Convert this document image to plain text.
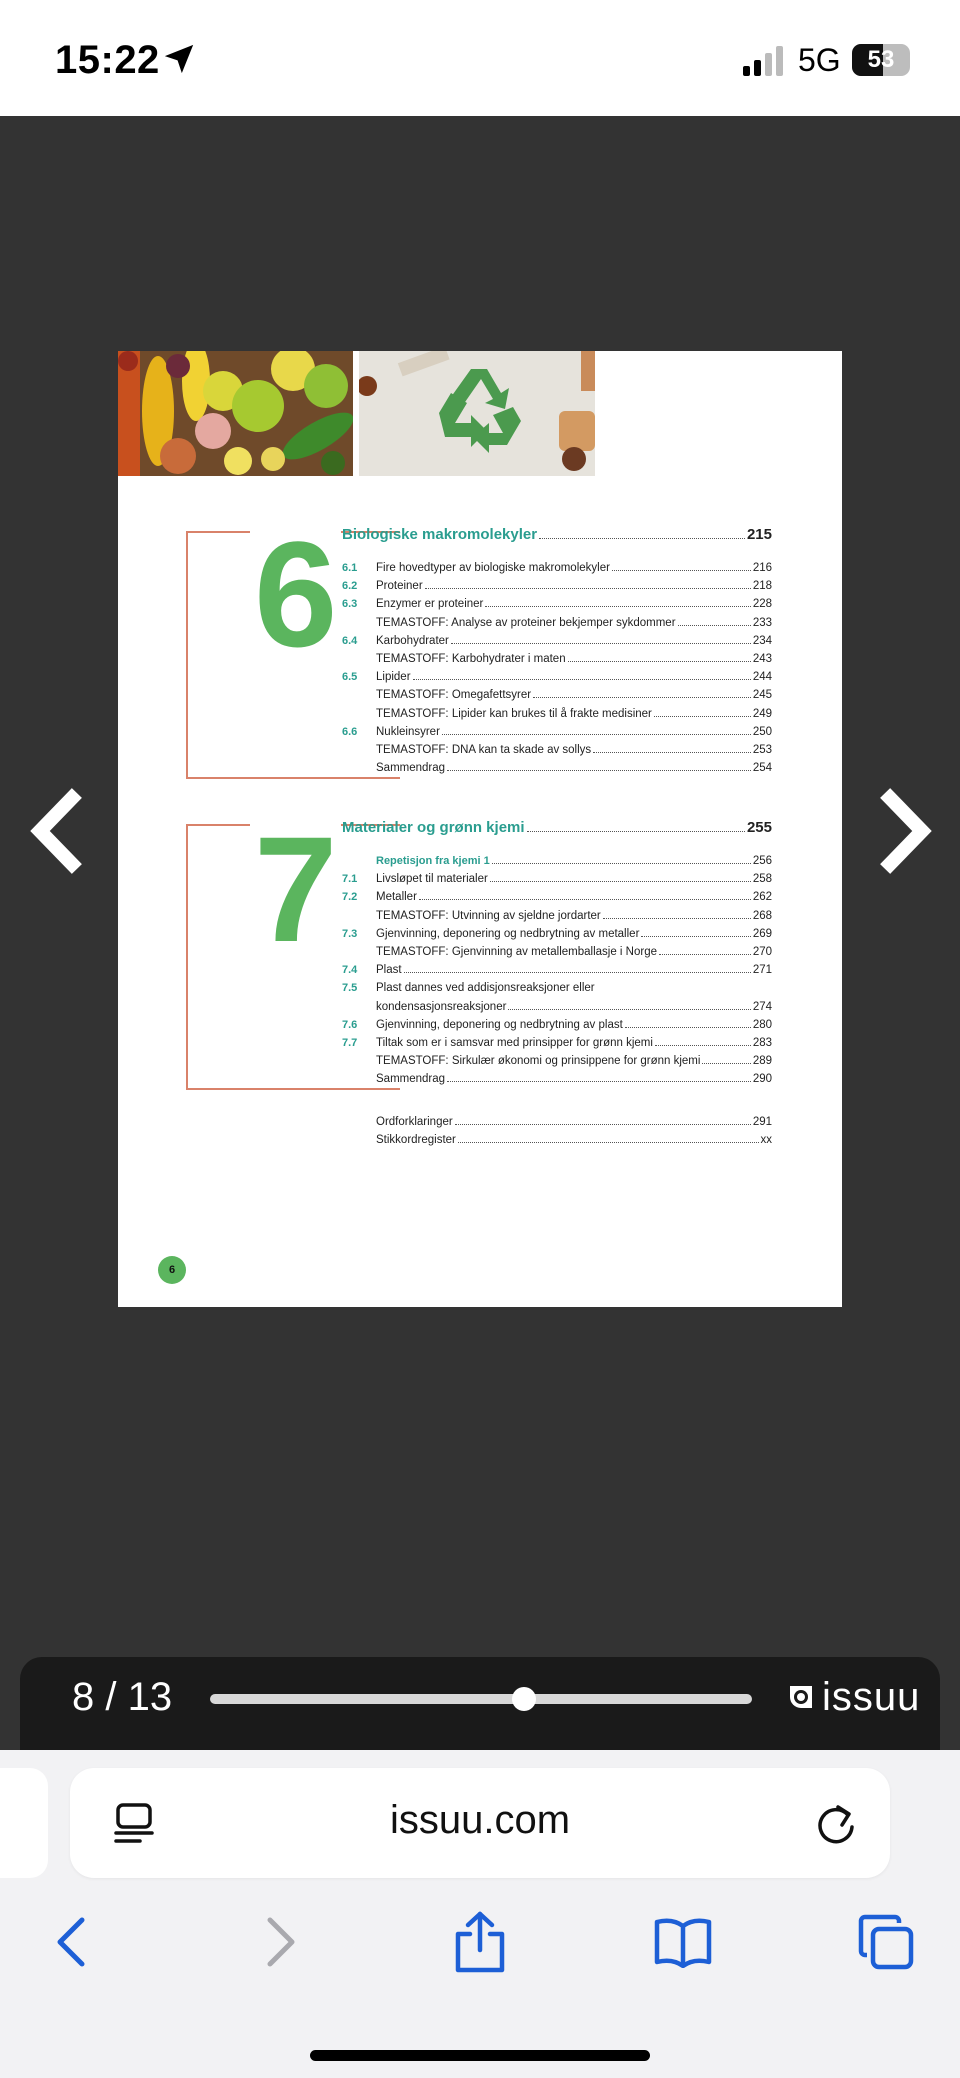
15:22	5G	53
6
7
Biologiske makromolekyler	215
6.1 Fire hovedtyper av biologiske makromolekyler	216
6.2 Proteiner	218
6.3 Enzymer er proteiner	228
TEMASTOFF: Analyse av proteiner bekjemper sykdommer	233
6.4 Karbohydrater	234
TEMASTOFF: Karbohydrater i maten	243
6.5 Lipider	244
TEMASTOFF: Omegafettsyrer	245
TEMASTOFF: Lipider kan brukes til å frakte medisiner	249
6.6 Nukleinsyrer	250
TEMASTOFF: DNA kan ta skade av sollys	253
Sammendrag	254
Materialer og grønn kjemi	255
Repetisjon fra kjemi 1	256
7.1 Livsløpet til materialer	258
7.2 Metaller	262
TEMASTOFF: Utvinning av sjeldne jordarter	268
7.3 Gjenvinning, deponering og nedbrytning av metaller	269
TEMASTOFF: Gjenvinning av metallemballasje i Norge	270
7.4 Plast	271
7.5 Plast dannes ved addisjonsreaksjoner eller
kondensasjonsreaksjoner	274
7.6 Gjenvinning, deponering og nedbrytning av plast	280
7.7 Tiltak som er i samsvar med prinsipper for grønn kjemi	283
TEMASTOFF: Sirkulær økonomi og prinsippene for grønn kjemi	289
Sammendrag	290
Ordforklaringer	291
Stikkordregister	xx
6
8 / 13	issuu
issuu.com
